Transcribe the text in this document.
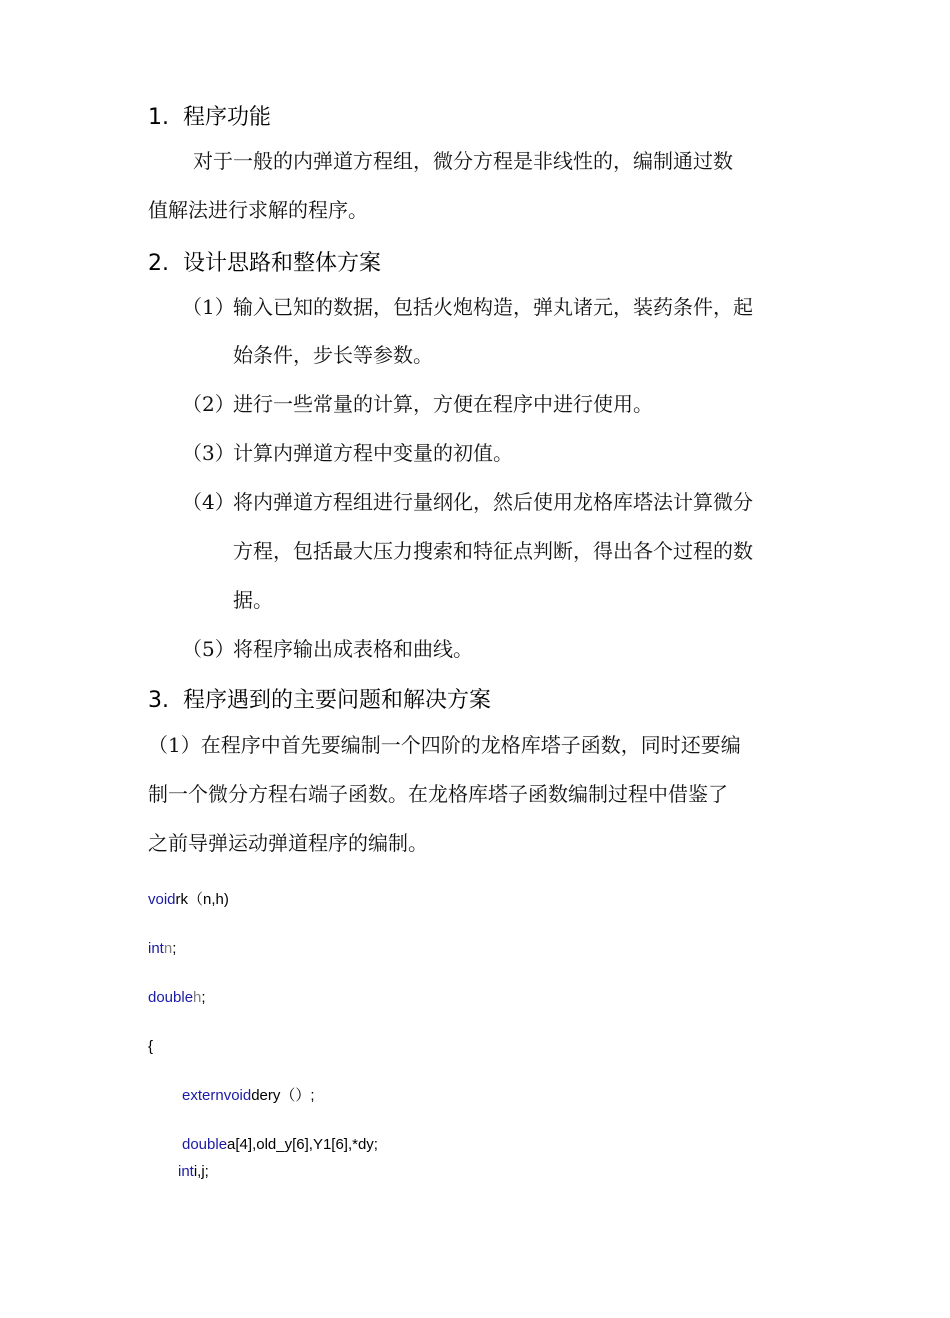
1. 程序功能
对于一般的内弹道方程组，微分方程是非线性的，编制通过数
值解法进行求解的程序。
2. 设计思路和整体方案
（1）
输入已知的数据，包括火炮构造，弹丸诸元，装药条件，起
始条件，步长等参数。
（2）
进行一些常量的计算，方便在程序中进行使用。
（3）
计算内弹道方程中变量的初值。
（4）
将内弹道方程组进行量纲化，然后使用龙格库塔法计算微分
方程，包括最大压力搜索和特征点判断，得出各个过程的数
据。
（5）
将程序输出成表格和曲线。
3. 程序遇到的主要问题和解决方案
（1）在程序中首先要编制一个四阶的龙格库塔子函数，同时还要编
制一个微分方程右端子函数。在龙格库塔子函数编制过程中借鉴了
之前导弹运动弹道程序的编制。
voidrk（n,h)
intn;
doubleh;
{
externvoiddery（）;
doublea[4],old_y[6],Y1[6],*dy;
inti,j;
